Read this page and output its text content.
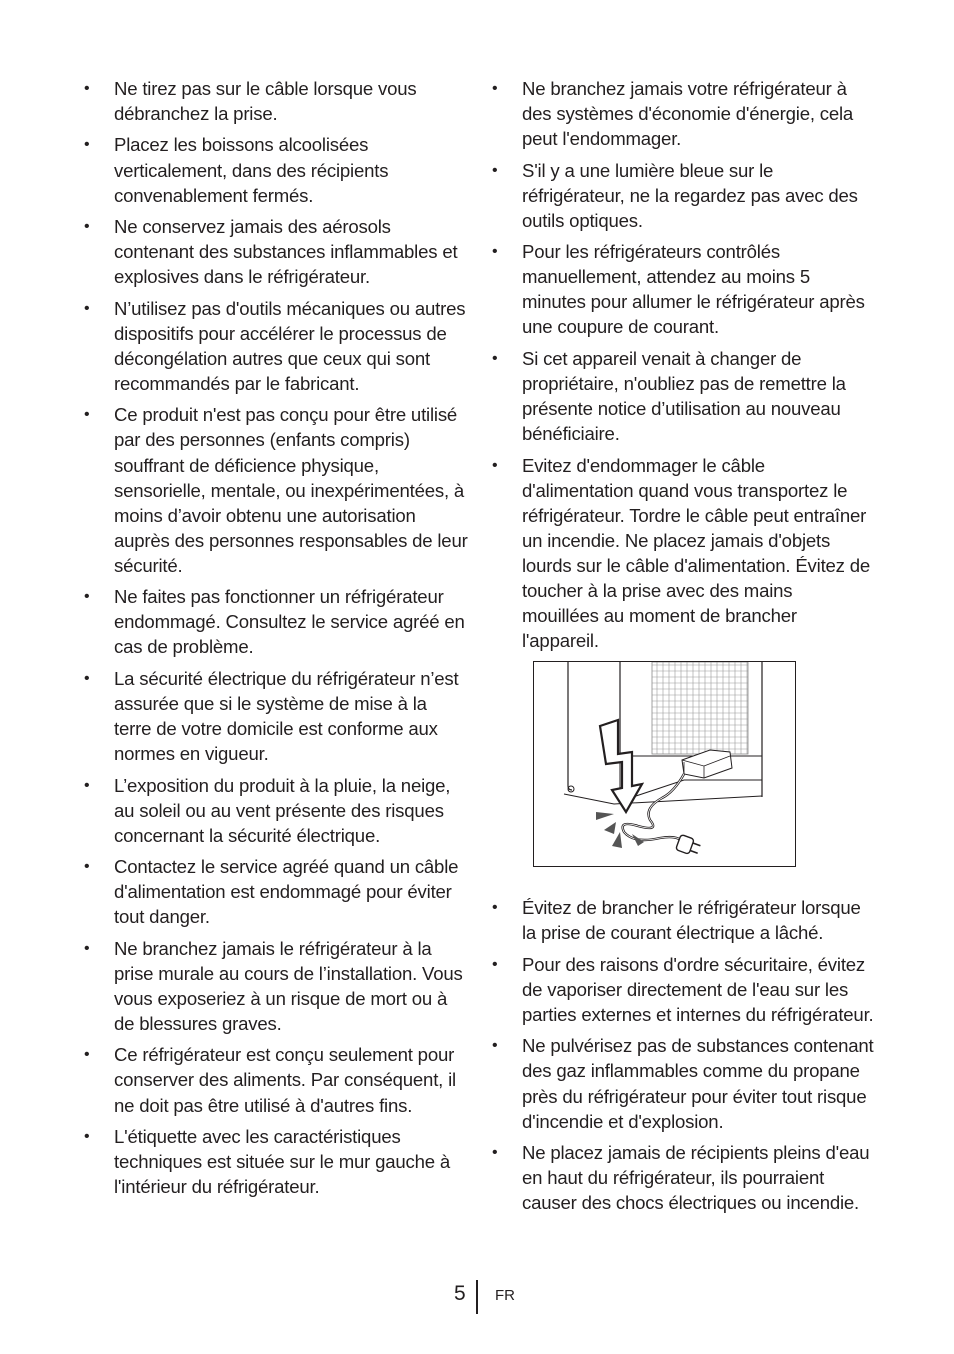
• Ne tirez pas sur le câble lorsque vous débranchez la prise.
• Placez les boissons alcoolisées verticalement, dans des récipients convenablement fermés.
• Ne conservez jamais des aérosols contenant des substances inflammables et explosives dans le réfrigérateur.
• N’utilisez pas d'outils mécaniques ou autres dispositifs pour accélérer le processus de décongélation autres que ceux qui sont recommandés par le fabricant.
• Ce produit n'est pas conçu pour être utilisé par des personnes (enfants compris) souffrant de déficience physique, sensorielle, mentale, ou inexpérimentées, à moins d’avoir obtenu une autorisation auprès des personnes responsables de leur sécurité.
• Ne faites pas fonctionner un réfrigérateur endommagé. Consultez le service agréé en cas de problème.
• La sécurité électrique du réfrigérateur n’est assurée que si le système de mise à la terre de votre domicile est conforme aux normes en vigueur.
• L’exposition du produit à la pluie, la neige, au soleil ou au vent présente des risques concernant la sécurité électrique.
• Contactez le service agréé quand un câble d'alimentation est endommagé pour éviter tout danger.
• Ne branchez jamais le réfrigérateur à la prise murale au cours de l’installation. Vous vous exposeriez à un risque de mort ou à de blessures graves.
• Ce réfrigérateur est conçu seulement pour conserver des aliments. Par conséquent, il ne doit pas être utilisé à d'autres fins.
• L'étiquette avec les caractéristiques techniques est située sur le mur gauche à l'intérieur du réfrigérateur.
• Ne branchez jamais votre réfrigérateur à des systèmes d'économie d'énergie, cela peut l'endommager.
• S'il y a une lumière bleue sur le réfrigérateur, ne la regardez pas avec des outils optiques.
• Pour les réfrigérateurs contrôlés manuellement, attendez au moins 5 minutes pour allumer le réfrigérateur après une coupure de courant.
• Si cet appareil venait à changer de propriétaire, n'oubliez pas de remettre la présente notice d’utilisation au nouveau bénéficiaire.
• Evitez d'endommager le câble d'alimentation quand vous transportez le réfrigérateur. Tordre le câble peut entraîner un incendie. Ne placez jamais d'objets lourds sur le câble d'alimentation. Évitez de toucher à la prise avec des mains mouillées au moment de brancher l'appareil.
• Évitez de brancher le réfrigérateur lorsque la prise de courant électrique a lâché.
• Pour des raisons d'ordre sécuritaire, évitez de vaporiser directement de l'eau sur les parties externes et internes du réfrigérateur.
• Ne pulvérisez pas de substances contenant des gaz inflammables comme du propane près du réfrigérateur pour éviter tout risque d'incendie et d'explosion.
• Ne placez jamais de récipients pleins d'eau en haut du réfrigérateur, ils pourraient causer des chocs électriques ou incendie.
5 FR
